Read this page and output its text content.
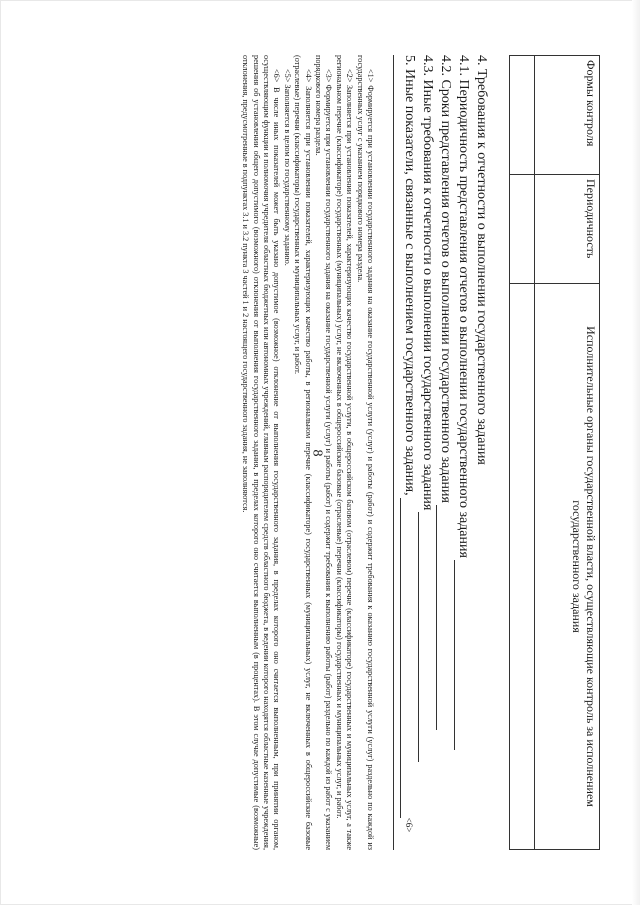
8
Формы контроля	Периодичность	Исполнительные органы государственной власти, осуществляющие контроль за исполнением государственного задания

4. Требования к отчетности о выполнении государственного задания
4.1. Периодичность представления отчетов о выполнении государственного задания
4.2. Сроки представления отчетов о выполнении государственного задания
4.3. Иные требования к отчетности о выполнении государственного задания
5. Иные показатели, связанные с выполнением государственного задания,
<6>

<1> Формируется при установлении государственного задания на оказание государственной услуги (услуг) и работы (работ) и содержит требования к оказанию государственной услуги (услуг) раздельно по каждой из государственных услуг с указанием порядкового номера раздела.

<2> Заполняется при установлении показателей, характеризующих качество государственной услуги, в общероссийском базовом (отраслевом) перечне (классификаторе) государственных и муниципальных услуг, а также региональном перечне (классификаторе) государственных (муниципальных) услуг, не включенных в общероссийские базовые (отраслевые) перечни (классификаторы) государственных и муниципальных услуг, и работ.

<3> Формируется при установлении государственного задания на оказание государственной услуги (услуг) и работы (работ) и содержит требования к выполнению работы (работ) раздельно по каждой из работ с указанием порядкового номера раздела.

<4> Заполняется при установлении показателей, характеризующих качество работы, в региональном перечне (классификаторе) государственных (муниципальных) услуг, не включенных в общероссийские базовые (отраслевые) перечни (классификаторы) государственных и муниципальных услуг, и работ.

<5> Заполняется в целом по государственному заданию.

<6> В числе иных показателей может быть указано допустимое (возможное) отклонение от выполнения государственного задания, в пределах которого оно считается выполненным, при принятии органом, осуществляющим функции и полномочия учредителя областных бюджетных или автономных учреждений, главным распорядителем средств областного бюджета, в ведении которого находятся областные казенные учреждения, решения об установлении общего допустимого (возможного) отклонения от выполнения государственного задания, в пределах которого оно считается выполненным (в процентах). В этом случае допустимые (возможные) отклонения, предусмотренные в подпунктах 3.1 и 3.2 пункта 3 частей 1 и 2 настоящего государственного задания, не заполняются.
